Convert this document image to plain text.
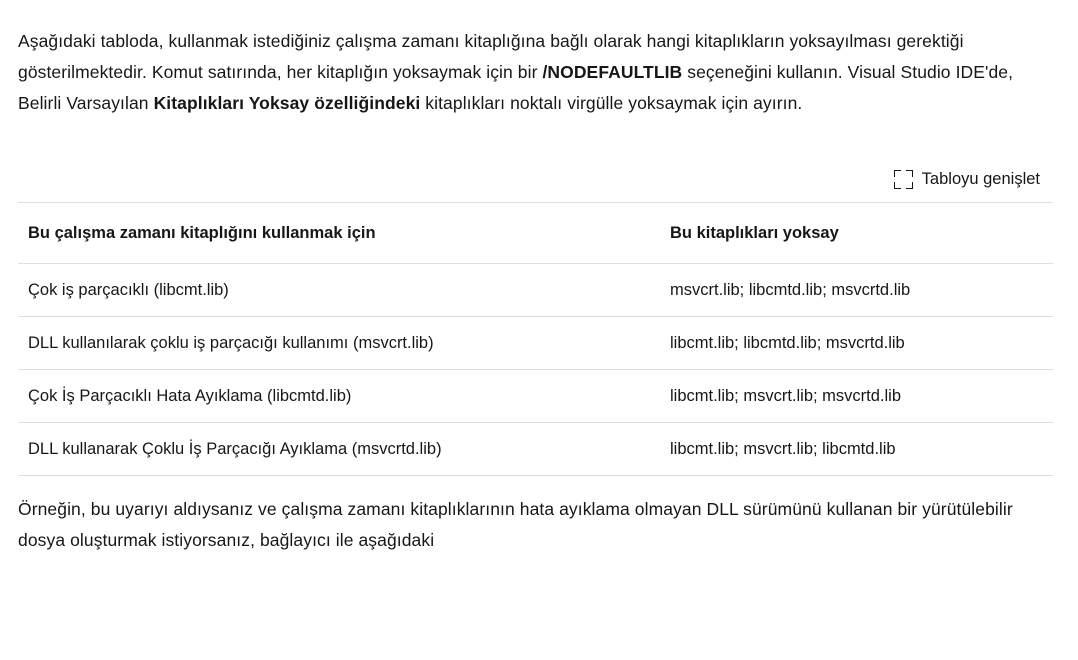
Aşağıdaki tabloda, kullanmak istediğiniz çalışma zamanı kitaplığına bağlı olarak hangi kitaplıkların yoksayılması gerektiği gösterilmektedir. Komut satırında, her kitaplığın yoksaymak için bir /NODEFAULTLIB seçeneğini kullanın. Visual Studio IDE'de, Belirli Varsayılan Kitaplıkları Yoksay özelliğindeki kitaplıkları noktalı virgülle yoksaymak için ayırın.

Tabloyu genişlet
Bu çalışma zamanı kitaplığını kullanmak için	Bu kitaplıkları yoksay
Çok iş parçacıklı (libcmt.lib)	msvcrt.lib; libcmtd.lib; msvcrtd.lib
DLL kullanılarak çoklu iş parçacığı kullanımı (msvcrt.lib)	libcmt.lib; libcmtd.lib; msvcrtd.lib
Çok İş Parçacıklı Hata Ayıklama (libcmtd.lib)	libcmt.lib; msvcrt.lib; msvcrtd.lib
DLL kullanarak Çoklu İş Parçacığı Ayıklama (msvcrtd.lib)	libcmt.lib; msvcrt.lib; libcmtd.lib

Örneğin, bu uyarıyı aldıysanız ve çalışma zamanı kitaplıklarının hata ayıklama olmayan DLL sürümünü kullanan bir yürütülebilir dosya oluşturmak istiyorsanız, bağlayıcı ile aşağıdaki
